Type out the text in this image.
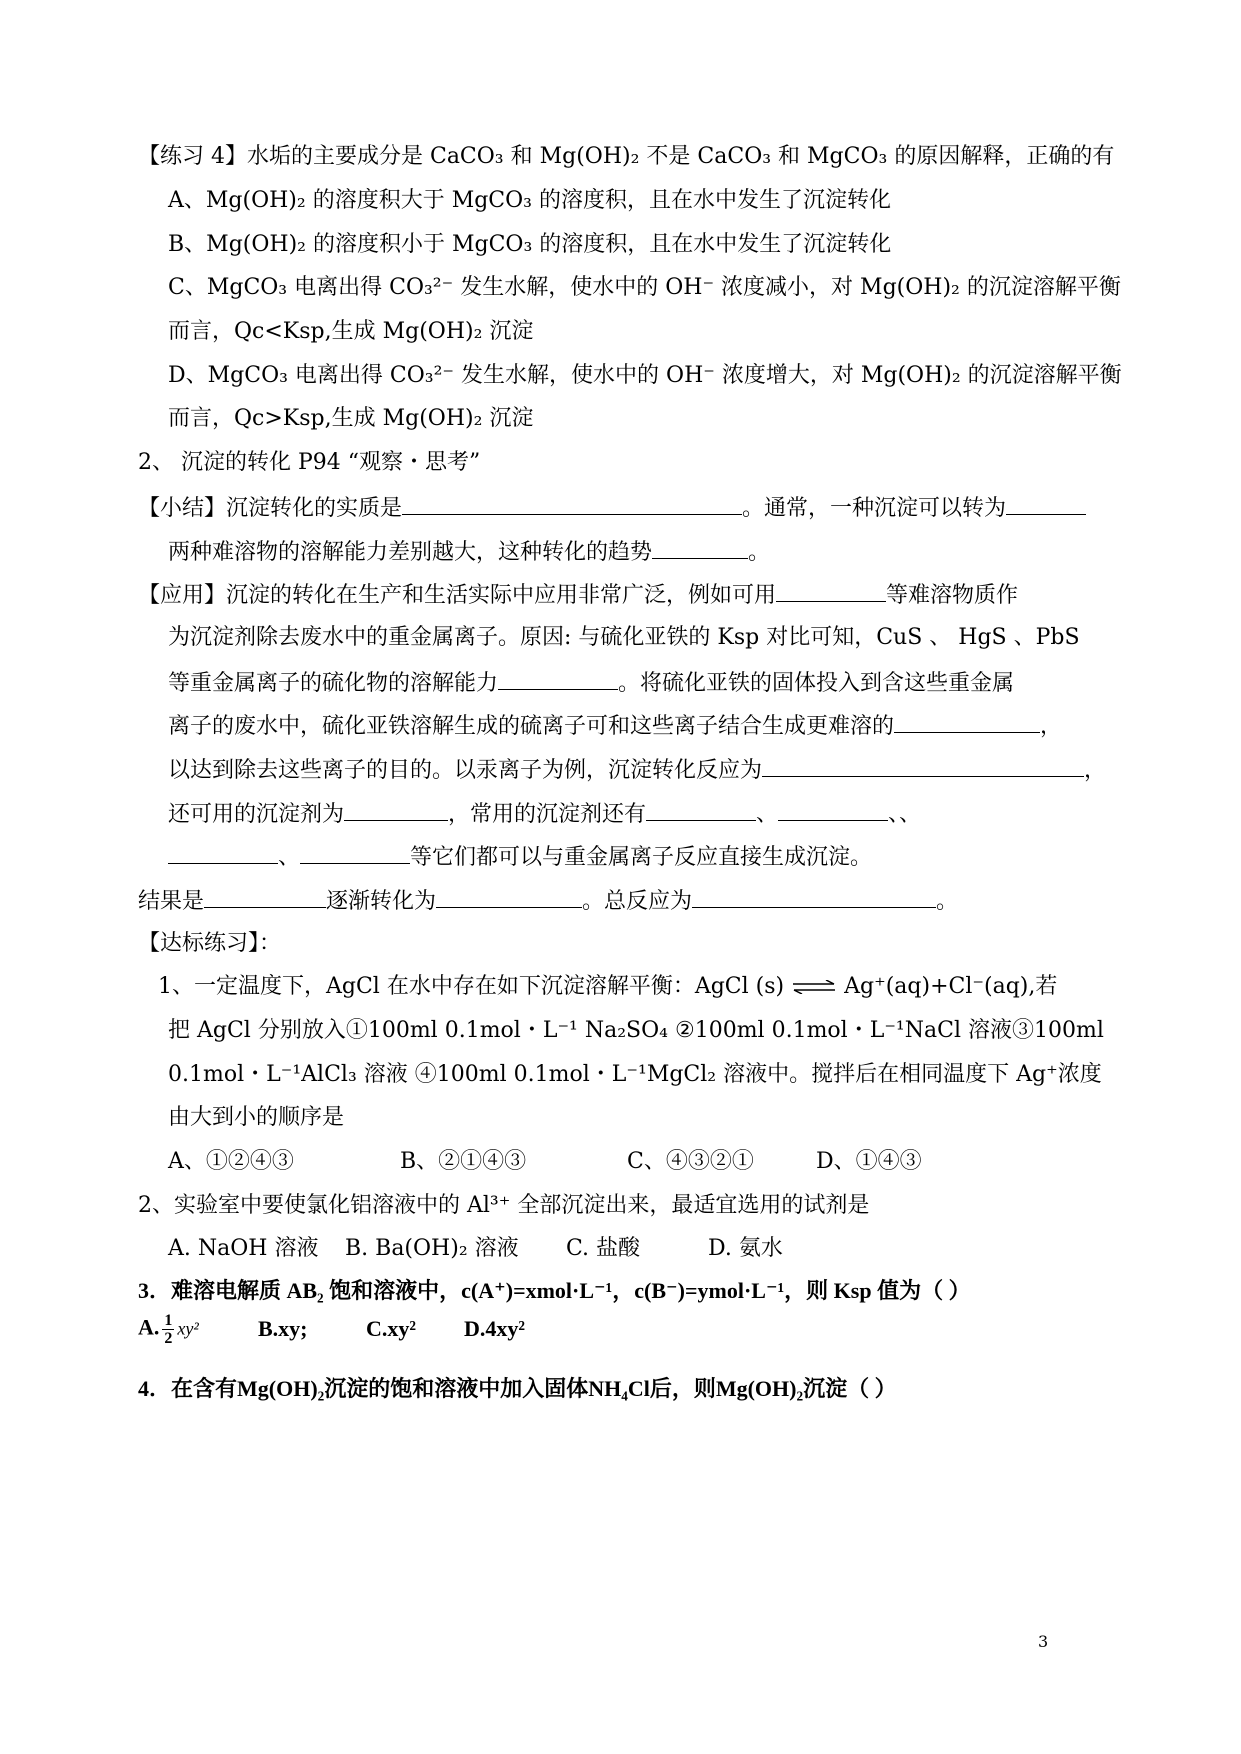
【练习 4】水垢的主要成分是 CaCO₃ 和 Mg(OH)₂ 不是 CaCO₃ 和 MgCO₃ 的原因解释，正确的有
A、Mg(OH)₂ 的溶度积大于 MgCO₃ 的溶度积，且在水中发生了沉淀转化
B、Mg(OH)₂ 的溶度积小于 MgCO₃ 的溶度积，且在水中发生了沉淀转化
C、MgCO₃ 电离出得 CO₃²⁻ 发生水解，使水中的 OH⁻ 浓度减小，对 Mg(OH)₂ 的沉淀溶解平衡
而言，Qc<Ksp,生成 Mg(OH)₂ 沉淀
D、MgCO₃ 电离出得 CO₃²⁻ 发生水解，使水中的 OH⁻ 浓度增大，对 Mg(OH)₂ 的沉淀溶解平衡
而言，Qc>Ksp,生成 Mg(OH)₂ 沉淀
2、 沉淀的转化 P94 “观察・思考”
【小结】沉淀转化的实质是	。通常，一种沉淀可以转为
两种难溶物的溶解能力差别越大，这种转化的趋势	。
【应用】沉淀的转化在生产和生活实际中应用非常广泛，例如可用	等难溶物质作
为沉淀剂除去废水中的重金属离子。原因: 与硫化亚铁的 Ksp 对比可知，CuS 、 HgS 、PbS
等重金属离子的硫化物的溶解能力	。将硫化亚铁的固体投入到含这些重金属
离子的废水中，硫化亚铁溶解生成的硫离子可和这些离子结合生成更难溶的	，
以达到除去这些离子的目的。以汞离子为例，沉淀转化反应为	，
还可用的沉淀剂为	，常用的沉淀剂还有	、	、、
、	等它们都可以与重金属离子反应直接生成沉淀。
结果是	逐渐转化为	。总反应为	。
【达标练习】：
1、一定温度下，AgCl 在水中存在如下沉淀溶解平衡：AgCl (s) ⇌ Ag⁺(aq)+Cl⁻(aq),若
把 AgCl 分别放入①100ml 0.1mol・L⁻¹ Na₂SO₄ ②100ml 0.1mol・L⁻¹NaCl 溶液③100ml
0.1mol・L⁻¹AlCl₃ 溶液 ④100ml 0.1mol・L⁻¹MgCl₂ 溶液中。搅拌后在相同温度下 Ag⁺浓度
由大到小的顺序是
A、①②④③	B、②①④③	C、④③②①	D、①④③
2、实验室中要使氯化铝溶液中的 Al³⁺ 全部沉淀出来，最适宜选用的试剂是
A. NaOH 溶液 B. Ba(OH)₂ 溶液 C. 盐酸	D. 氨水
3．难溶电解质 AB₂ 饱和溶液中，c(A⁺)=xmol·L⁻¹，c(B⁻)=ymol·L⁻¹，则 Ksp 值为（ ）
A. $\frac{1}{2} xy^2$	B.xy;	C.xy² D.4xy²
4．在含有Mg(OH)₂沉淀的饱和溶液中加入固体NH₄Cl后，则Mg(OH)₂沉淀（ ）
3
